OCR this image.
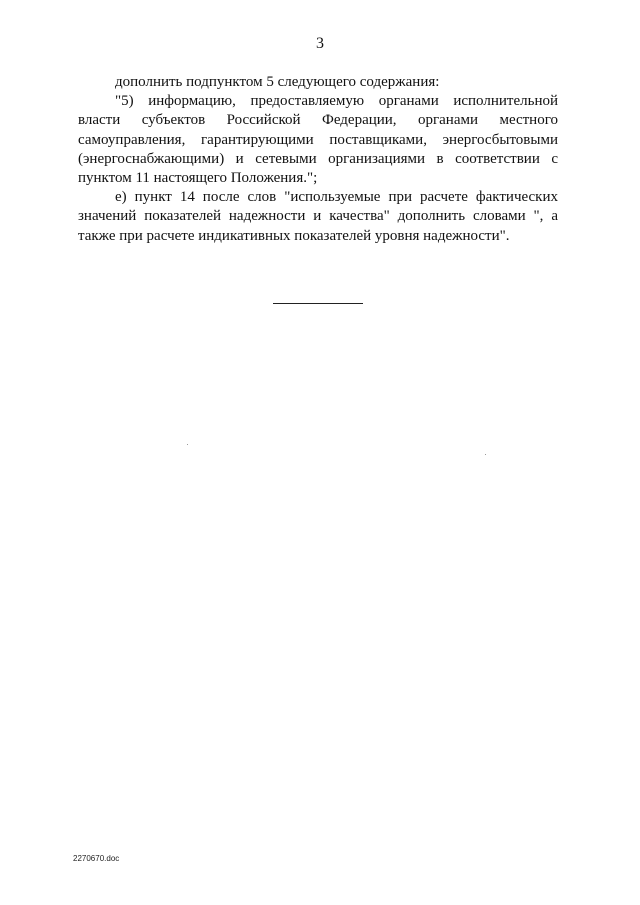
3

дополнить подпунктом 5 следующего содержания:

"5) информацию, предоставляемую органами исполнительной власти субъектов Российской Федерации, органами местного самоуправления, гарантирующими поставщиками, энергосбытовыми (энергоснабжающими) и сетевыми организациями в соответствии с пунктом 11 настоящего Положения.";

е) пункт 14 после слов "используемые при расчете фактических значений показателей надежности и качества" дополнить словами ", а также при расчете индикативных показателей уровня надежности".

2270670.doc
